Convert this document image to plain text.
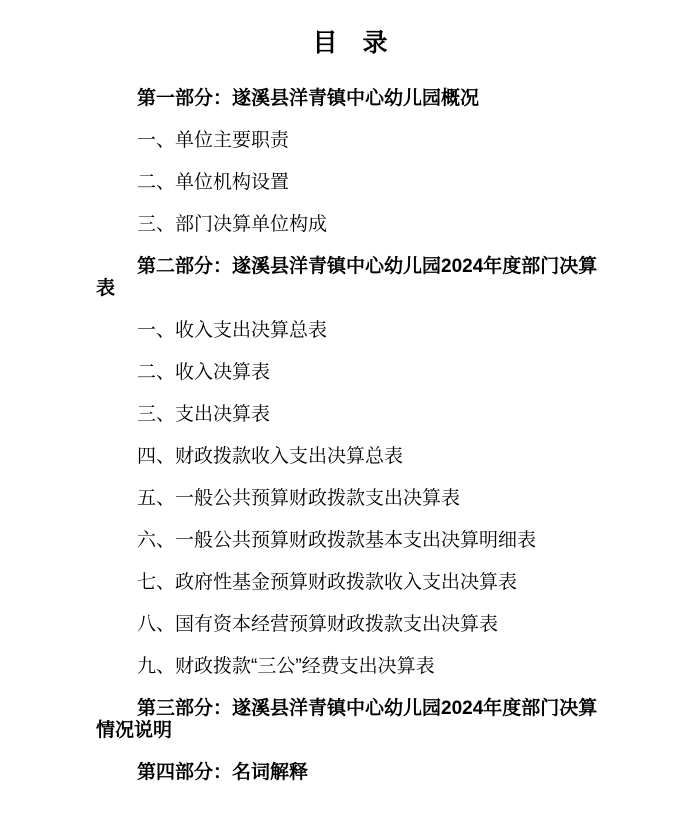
目　录

第一部分：遂溪县洋青镇中心幼儿园概况

一、单位主要职责

二、单位机构设置

三、部门决算单位构成

第二部分：遂溪县洋青镇中心幼儿园2024年度部门决算表

一、收入支出决算总表

二、收入决算表

三、支出决算表

四、财政拨款收入支出决算总表

五、一般公共预算财政拨款支出决算表

六、一般公共预算财政拨款基本支出决算明细表

七、政府性基金预算财政拨款收入支出决算表

八、国有资本经营预算财政拨款支出决算表

九、财政拨款“三公”经费支出决算表

第三部分：遂溪县洋青镇中心幼儿园2024年度部门决算情况说明

第四部分：名词解释
